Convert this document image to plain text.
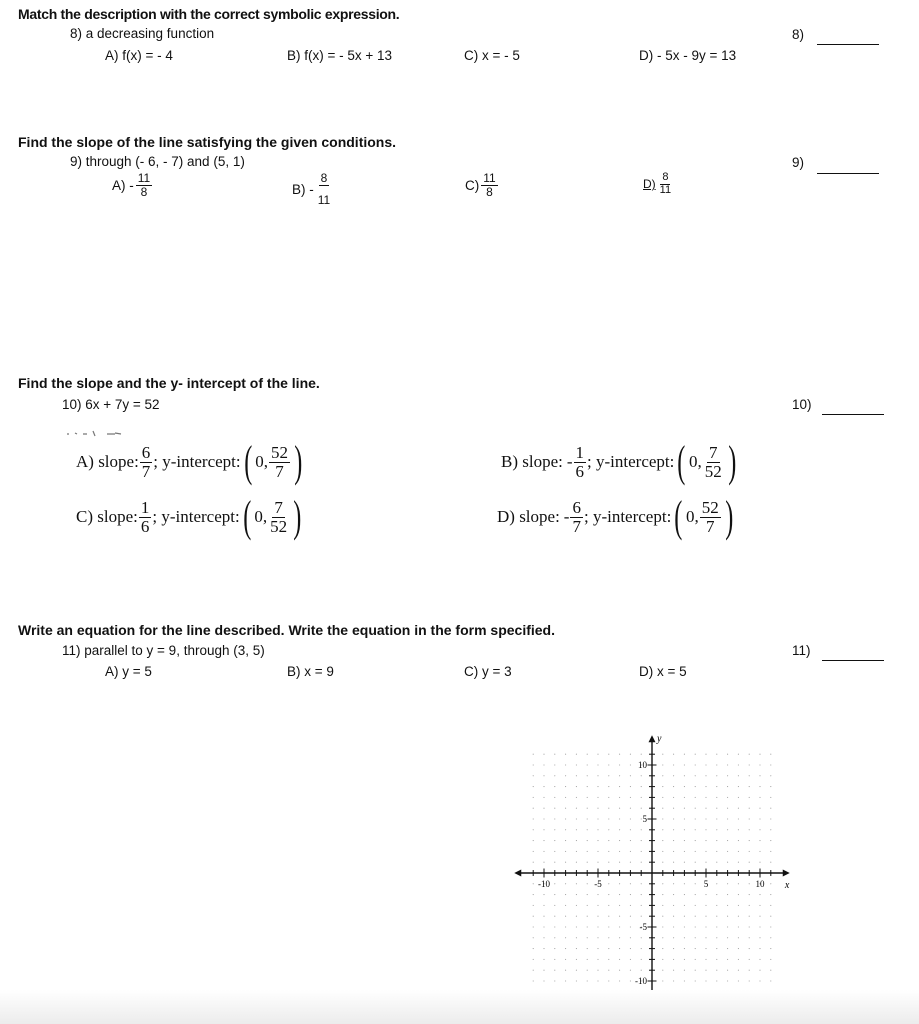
Match the description with the correct symbolic expression.
8) a decreasing function	8)
A) f(x) = - 4	B) f(x) = - 5x + 13	C) x = - 5	D) - 5x - 9y = 13
Find the slope of the line satisfying the given conditions.
9) through (- 6, - 7) and (5, 1)	9)
$A) - \frac{11}{8}$	$B) - \frac{8}{11}$	$C) \frac{11}{8}$	$D) \frac{8}{11}$
Find the slope and the y- intercept of the line.
10) 6x + 7y = 52	10)
A) slope: $\frac{6}{7}$ ; y-intercept: ( 0, $\frac{52}{7}$ )	B) slope: - $\frac{1}{6}$ ; y-intercept: ( 0, $\frac{7}{52}$ )
C) slope: $\frac{1}{6}$ ; y-intercept: ( 0, $\frac{7}{52}$ )	D) slope: - $\frac{6}{7}$ ; y-intercept: ( 0, $\frac{52}{7}$ )
Write an equation for the line described. Write the equation in the form specified.
11) parallel to y = 9, through (3, 5)	11)
A) y = 5	B) x = 9	C) y = 3	D) x = 5
x
y
-10	-5	5	10
10
5
-5
-10
